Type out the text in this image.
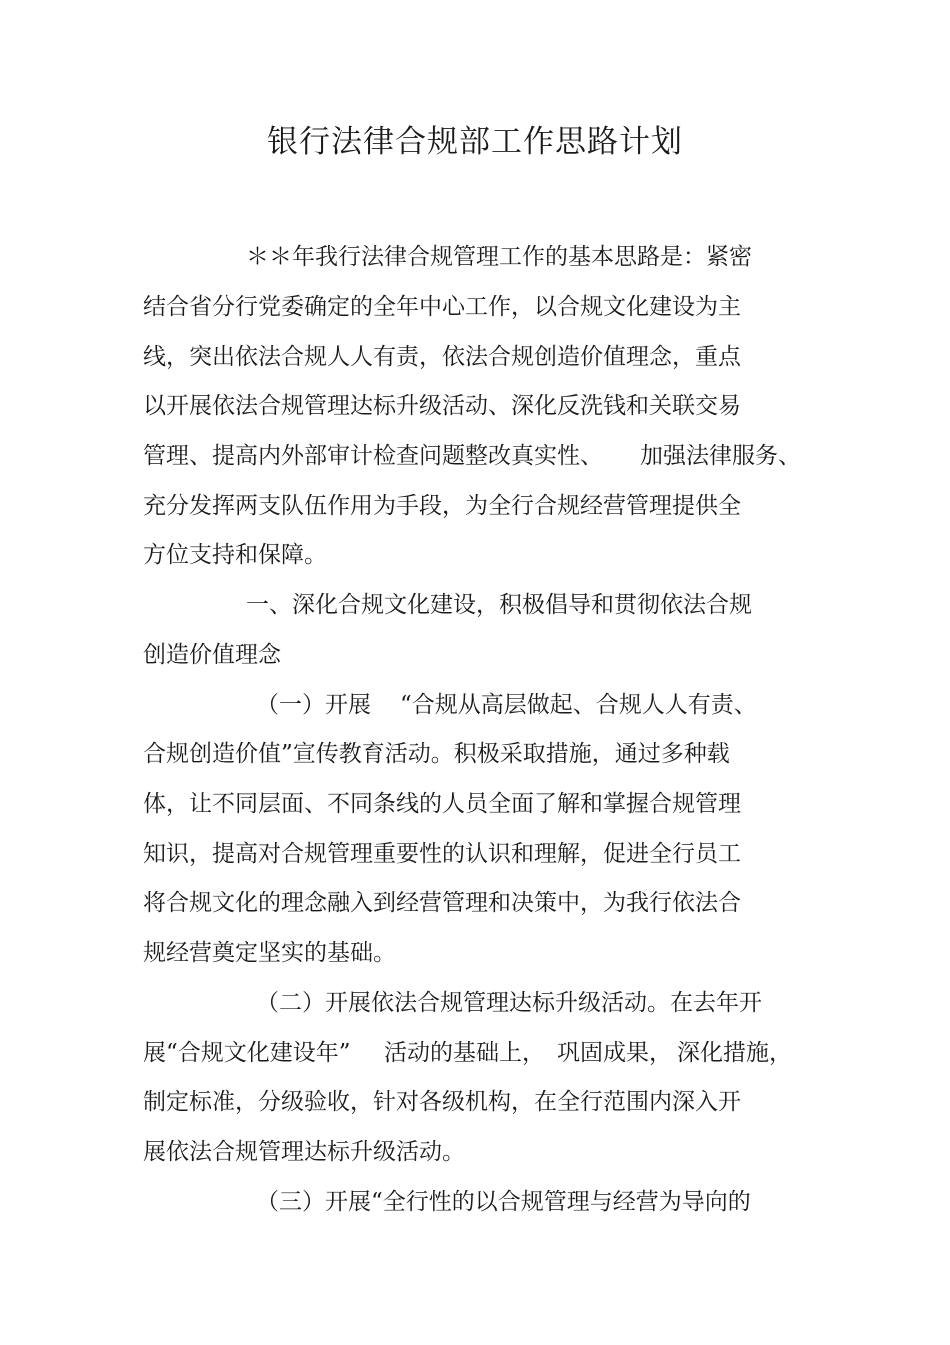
银行法律合规部工作思路计划
＊＊年我行法律合规管理工作的基本思路是：紧密
结合省分行党委确定的全年中心工作，以合规文化建设为主
线，突出依法合规人人有责，依法合规创造价值理念，重点
以开展依法合规管理达标升级活动、深化反洗钱和关联交易
管理、提高内外部审计检查问题整改真实性、 加强法律服务、
充分发挥两支队伍作用为手段，为全行合规经营管理提供全
方位支持和保障。
一、深化合规文化建设，积极倡导和贯彻依法合规
创造价值理念
（一）开展 “合规从高层做起、合规人人有责、
合规创造价值”宣传教育活动。积极采取措施，通过多种载
体，让不同层面、不同条线的人员全面了解和掌握合规管理
知识，提高对合规管理重要性的认识和理解，促进全行员工
将合规文化的理念融入到经营管理和决策中，为我行依法合
规经营奠定坚实的基础。
（二）开展依法合规管理达标升级活动。在去年开
展“合规文化建设年” 活动的基础上， 巩固成果， 深化措施，
制定标准，分级验收，针对各级机构，在全行范围内深入开
展依法合规管理达标升级活动。
（三）开展“全行性的以合规管理与经营为导向的
